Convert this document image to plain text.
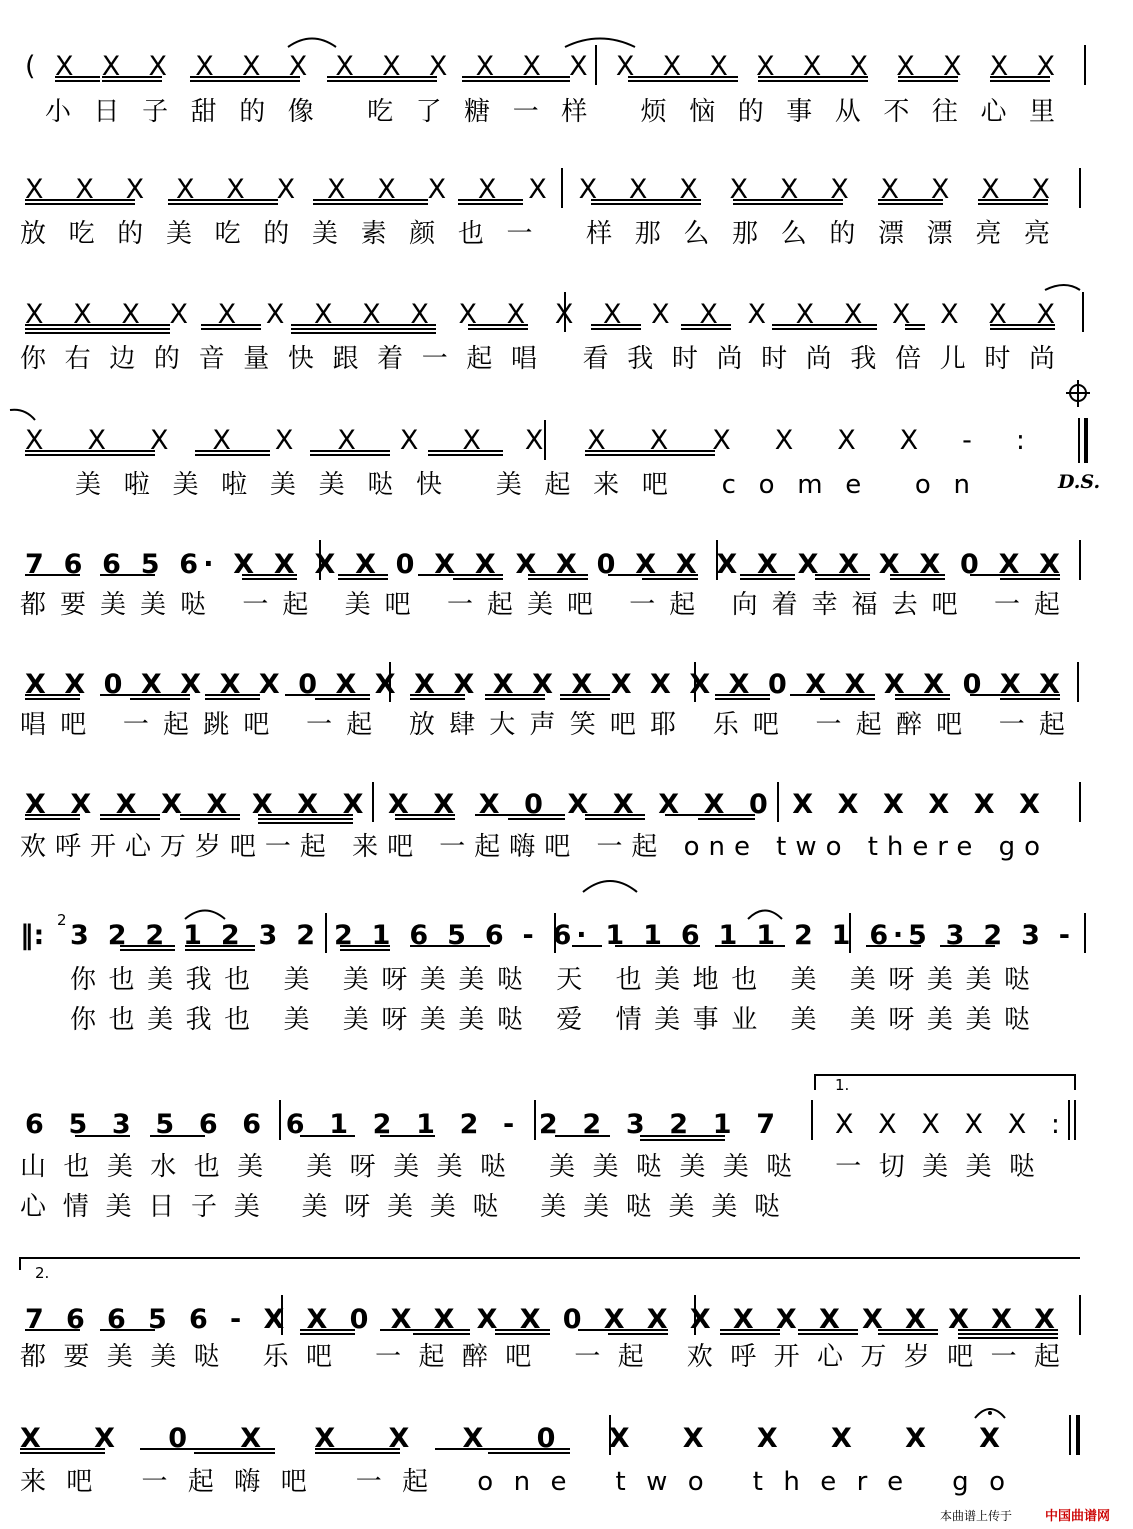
( X X X X X X X X X X X X X X X X X X X X X X
小日子甜的像 吃了糖一样 烦恼的事从不往心里
X X X X X X X X X X X X X X X X X X X X X
放吃的美吃的美素颜也一 样那么那么的漂漂亮亮
X X X X X X X X X X X X X X X X X X X X X X
你右边的音量快跟着一起唱 看我时尚时尚我倍儿时尚
X X X X X X X X X X X X X X X - :
美啦美啦美美哒快 美起来吧 come on	D.S.
7 6 6 5 6· X X X X 0 X X X X 0 X X X X X X X X 0 X X
都要美美哒 一起 美吧 一起美吧 一起 向着幸福去吧 一起
X X 0 X X X X 0 X X X X X X X X X X X 0 X X X X 0 X X
唱吧 一起跳吧 一起 放肆大声笑吧耶 乐吧 一起醉吧 一起
X X X X X X X X X X X 0 X X X X 0 X X X X X X
欢呼开心万岁吧一起 来吧 一起嗨吧 一起 one two there go
‖: 2 3 2 2 1 2 3 2 2 1 6 5 6 - 6· 1 1 6 1 1 2 1 6·5 3 2 3 -
你也美我也 美 美呀美美哒 天 也美地也 美 美呀美美哒
你也美我也 美 美呀美美哒 爱 情美事业 美 美呀美美哒
6 5 3 5 6 6 6 1 2 1 2 - 2 2 3 2 1 7 X X X X X :
1.
山也美水也美 美呀美美哒 美美哒美美哒 一切美美哒
心情美日子美 美呀美美哒 美美哒美美哒
2.
7 6 6 5 6 - X X 0 X X X X 0 X X X X X X X X X X X
都要美美哒 乐吧 一起醉吧 一起 欢呼开心万岁吧一起
X X 0 X X X X 0 X X X X X X
来吧 一起嗨吧 一起 one two there go
本曲谱上传于	中国曲谱网
